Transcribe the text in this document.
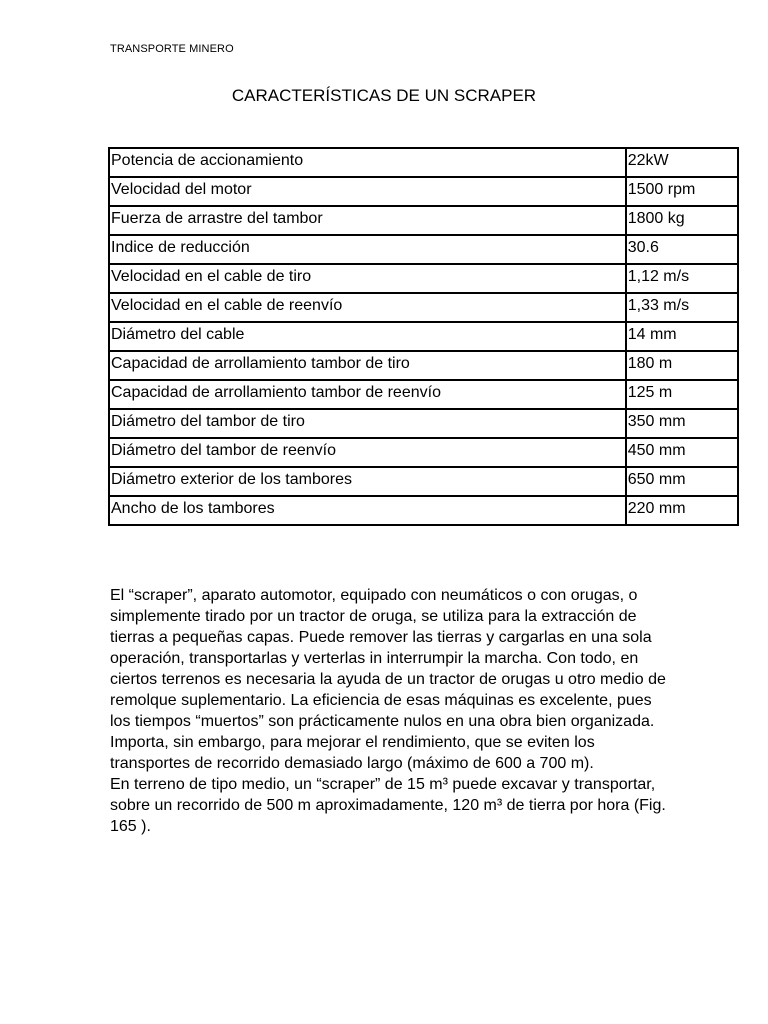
TRANSPORTE MINERO
CARACTERÍSTICAS DE UN SCRAPER
Potencia de accionamiento	22kW
Velocidad del motor	1500 rpm
Fuerza de arrastre del tambor	1800 kg
Indice de reducción	30.6
Velocidad en el cable de tiro	1,12 m/s
Velocidad en el cable de reenvío	1,33 m/s
Diámetro del cable	14 mm
Capacidad de arrollamiento tambor de tiro	180 m
Capacidad de arrollamiento tambor de reenvío	125 m
Diámetro del tambor de tiro	350 mm
Diámetro del tambor de reenvío	450 mm
Diámetro exterior de los tambores	650 mm
Ancho de los tambores	220 mm

El “scraper”, aparato automotor, equipado con neumáticos o con orugas, o simplemente tirado por un tractor de oruga, se utiliza para la extracción de tierras a pequeñas capas. Puede remover las tierras y cargarlas en una sola operación, transportarlas y verterlas in interrumpir la marcha. Con todo, en ciertos terrenos es necesaria la ayuda de un tractor de orugas u otro medio de remolque suplementario. La eficiencia de esas máquinas es excelente, pues los tiempos “muertos” son prácticamente nulos en una obra bien organizada. Importa, sin embargo, para mejorar el rendimiento, que se eviten los transportes de recorrido demasiado largo (máximo de 600 a 700 m).

En terreno de tipo medio, un “scraper” de 15 m³ puede excavar y transportar, sobre un recorrido de 500 m aproximadamente, 120 m³ de tierra por hora (Fig. 165 ).
